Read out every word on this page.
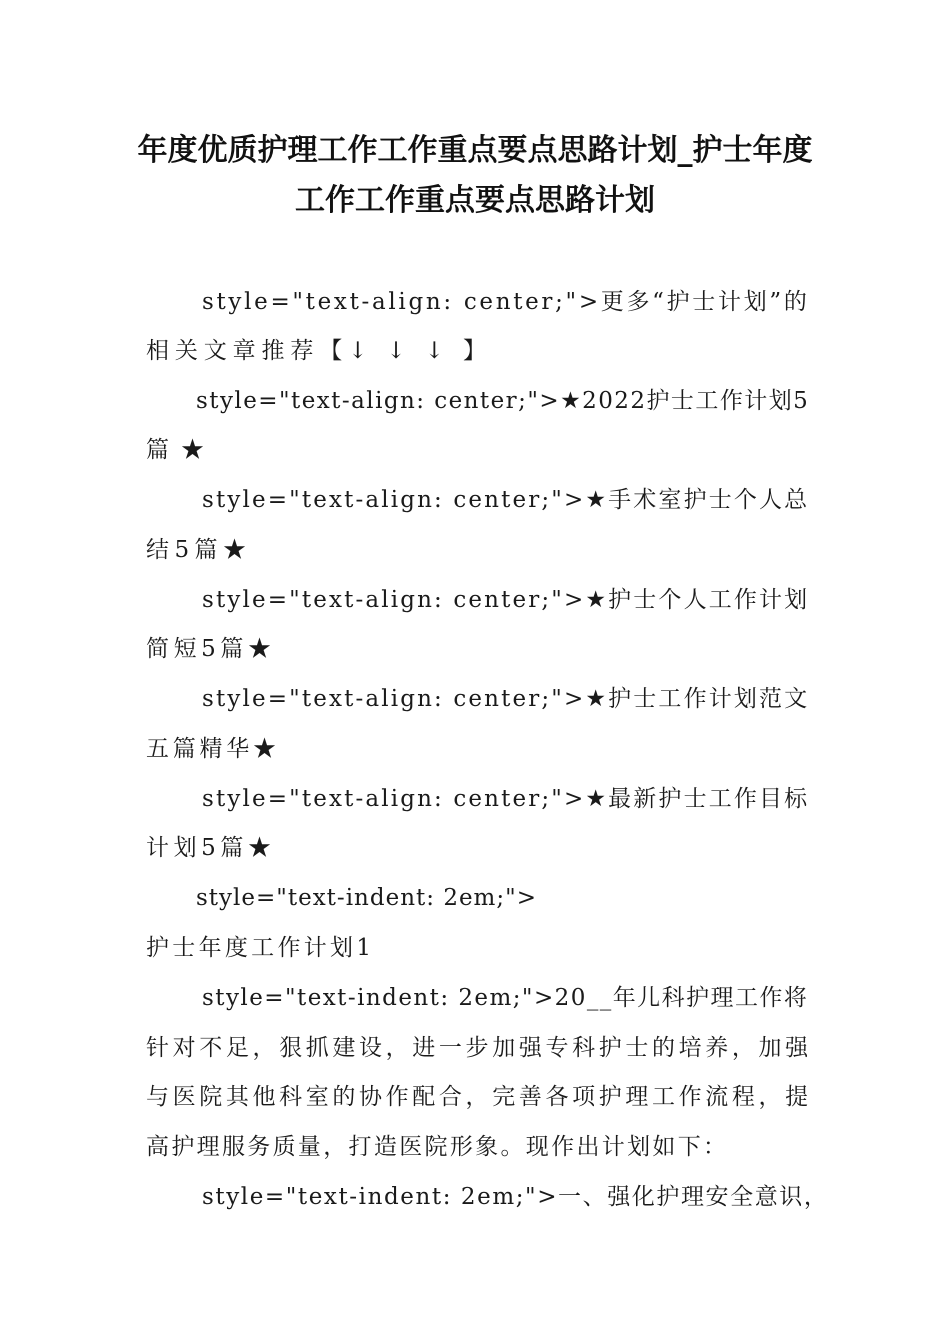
年度优质护理工作工作重点要点思路计划_护士年度
工作工作重点要点思路计划
style="text-align: center;">更多“护士计划”的
相关文章推荐【↓ ↓ ↓ 】
style="text-align: center;">★2022护士工作计划5
篇★
style="text-align: center;">★手术室护士个人总
结5篇★
style="text-align: center;">★护士个人工作计划
简短5篇★
style="text-align: center;">★护士工作计划范文
五篇精华★
style="text-align: center;">★最新护士工作目标
计划5篇★
style="text-indent: 2em;">
护士年度工作计划1
style="text-indent: 2em;">20__年儿科护理工作将
针对不足，狠抓建设，进一步加强专科护士的培养，加强
与医院其他科室的协作配合，完善各项护理工作流程，提
高护理服务质量，打造医院形象。现作出计划如下：
style="text-indent: 2em;">一、强化护理安全意识，
